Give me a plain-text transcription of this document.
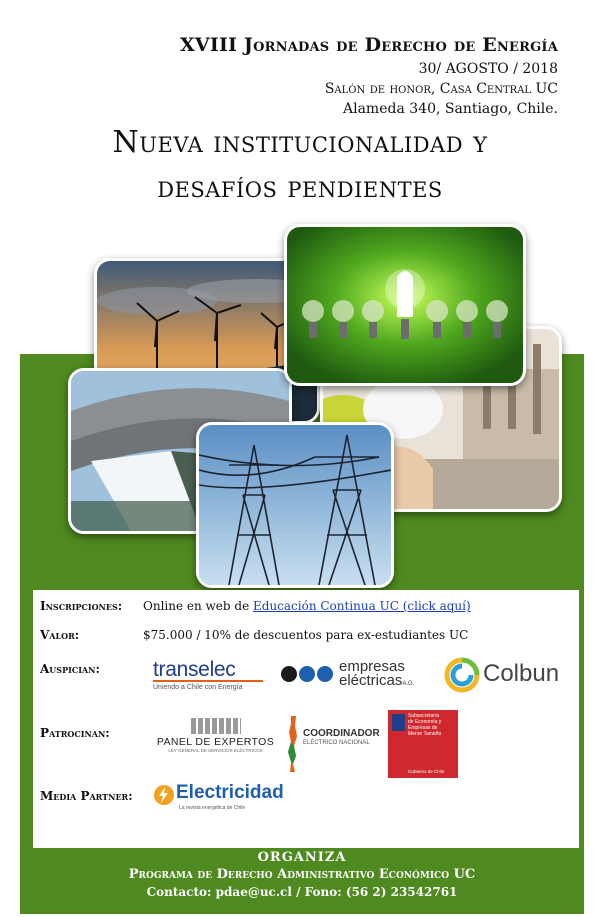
XVIII Jornadas de Derecho de Energía
30/ AGOSTO / 2018
Salón de honor, Casa Central UC
Alameda 340, Santiago, Chile.
Nueva institucionalidad y
desafíos pendientes
Inscripciones: Online en web de Educación Continua UC (click aquí)
Valor:	$75.000 / 10% de descuentos para ex-estudiantes UC
Auspician:
Patrocinan:
Media Partner:
transelec
Uniendo a Chile con Energía
empresas
eléctricasA.G.	Colbun
PANEL DE EXPERTOS
LEY GENERAL DE SERVICIOS ELÉCTRICOS
COORDINADOR
ELÉCTRICO NACIONAL
Subsecretaría
de Economía y
Empresas de
Menor Tamaño
Gobierno de Chile
Electricidad
La revista energética de Chile
ORGANIZA
Programa de Derecho Administrativo Económico UC
Contacto: pdae@uc.cl / Fono: (56 2) 23542761
